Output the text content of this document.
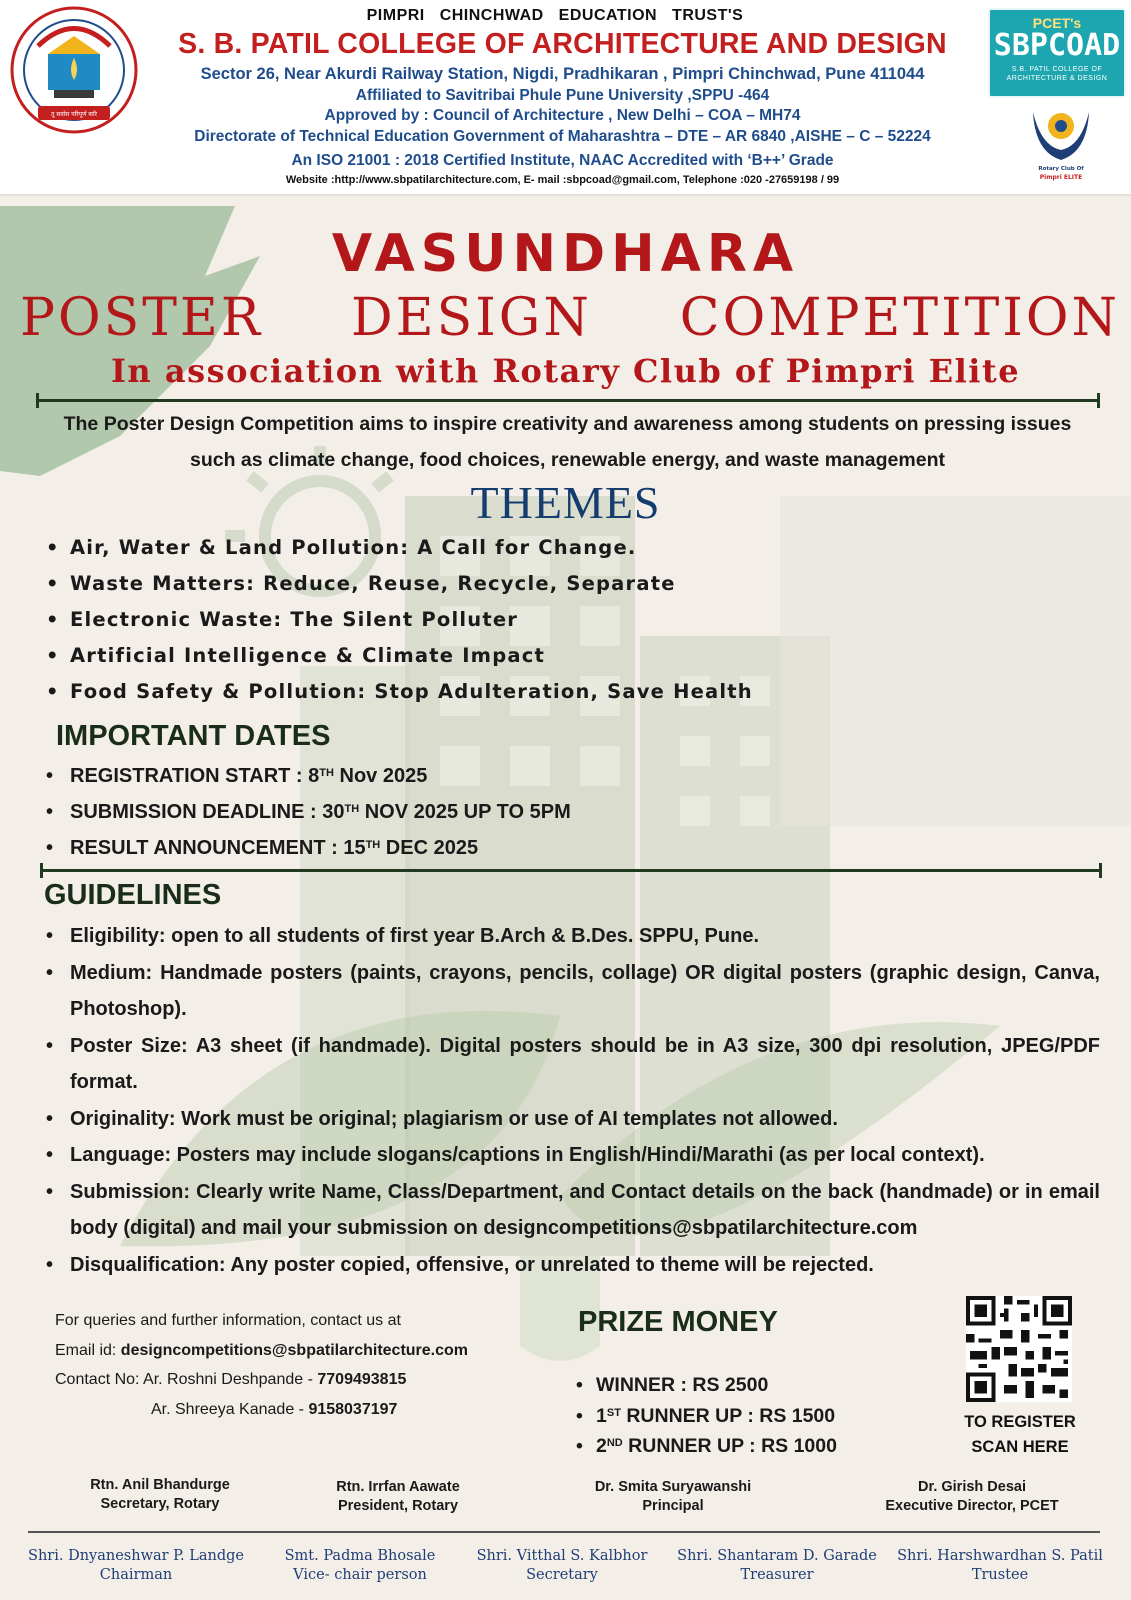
तु सर्वास परिपूर्ण करि
PIMPRI CHINCHWAD EDUCATION TRUST'S
S. B. PATIL COLLEGE OF ARCHITECTURE AND DESIGN
Sector 26, Near Akurdi Railway Station, Nigdi, Pradhikaran , Pimpri Chinchwad, Pune 411044
Affiliated to Savitribai Phule Pune University ,SPPU -464
Approved by : Council of Architecture , New Delhi – COA – MH74
Directorate of Technical Education Government of Maharashtra – DTE – AR 6840 ,AISHE – C – 52224
An ISO 21001 : 2018 Certified Institute, NAAC Accredited with ‘B++’ Grade
Website :http://www.sbpatilarchitecture.com, E- mail :sbpcoad@gmail.com, Telephone :020 -27659198 / 99
PCET's
SBPCOAD
S.B. PATIL COLLEGE OF
ARCHITECTURE & DESIGN
Rotary Club Of
Pimpri ELITE
VASUNDHARA
POSTER DESIGN COMPETITION
In association with Rotary Club of Pimpri Elite
The Poster Design Competition aims to inspire creativity and awareness among students on pressing issues such as climate change, food choices, renewable energy, and waste management
THEMES
• Air, Water & Land Pollution: A Call for Change.
• Waste Matters: Reduce, Reuse, Recycle, Separate
• Electronic Waste: The Silent Polluter
• Artificial Intelligence & Climate Impact
• Food Safety & Pollution: Stop Adulteration, Save Health
IMPORTANT DATES
• REGISTRATION START : 8TH Nov 2025
• SUBMISSION DEADLINE : 30TH NOV 2025 UP TO 5PM
• RESULT ANNOUNCEMENT : 15TH DEC 2025
GUIDELINES
• Eligibility: open to all students of first year B.Arch & B.Des. SPPU, Pune.
• Medium: Handmade posters (paints, crayons, pencils, collage) OR digital posters (graphic design, Canva, Photoshop).
• Poster Size: A3 sheet (if handmade). Digital posters should be in A3 size, 300 dpi resolution, JPEG/PDF format.
• Originality: Work must be original; plagiarism or use of AI templates not allowed.
• Language: Posters may include slogans/captions in English/Hindi/Marathi (as per local context).
• Submission: Clearly write Name, Class/Department, and Contact details on the back (handmade) or in email body (digital) and mail your submission on designcompetitions@sbpatilarchitecture.com
• Disqualification: Any poster copied, offensive, or unrelated to theme will be rejected.
For queries and further information, contact us at
Email id: designcompetitions@sbpatilarchitecture.com
Contact No: Ar. Roshni Deshpande - 7709493815
Ar. Shreeya Kanade - 9158037197
PRIZE MONEY
• WINNER : RS 2500
• 1ST RUNNER UP : RS 1500
• 2ND RUNNER UP : RS 1000
TO REGISTER
SCAN HERE
Rtn. Anil Bhandurge
Secretary, Rotary
Rtn. Irrfan Aawate
President, Rotary
Dr. Smita Suryawanshi
Principal
Dr. Girish Desai
Executive Director, PCET
Shri. Dnyaneshwar P. Landge
Chairman
Smt. Padma Bhosale
Vice- chair person
Shri. Vitthal S. Kalbhor
Secretary
Shri. Shantaram D. Garade
Treasurer
Shri. Harshwardhan S. Patil
Trustee
